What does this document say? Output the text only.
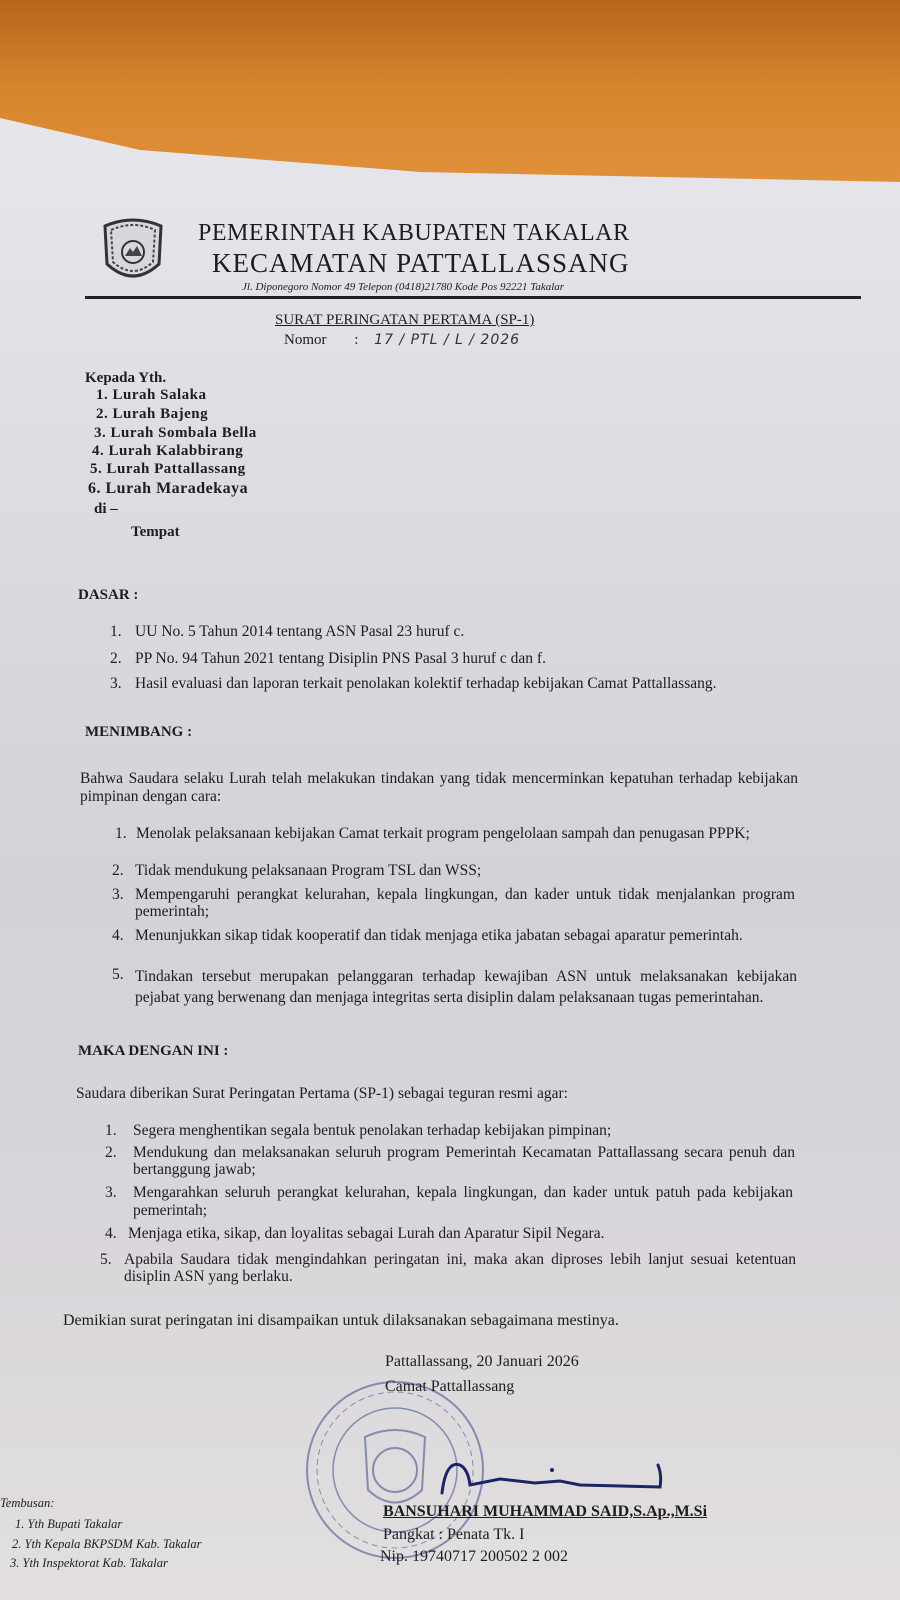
PEMERINTAH KABUPATEN TAKALAR
KECAMATAN PATTALLASSANG
Jl. Diponegoro Nomor 49 Telepon (0418)21780 Kode Pos 92221 Takalar
SURAT PERINGATAN PERTAMA (SP-1)
Nomor : 17 / PTL / L / 2026
Kepada Yth.
1. Lurah Salaka
2. Lurah Bajeng
3. Lurah Sombala Bella
4. Lurah Kalabbirang
5. Lurah Pattallassang
6. Lurah Maradekaya
di –
Tempat
DASAR :
1. UU No. 5 Tahun 2014 tentang ASN Pasal 23 huruf c.
2. PP No. 94 Tahun 2021 tentang Disiplin PNS Pasal 3 huruf c dan f.
3. Hasil evaluasi dan laporan terkait penolakan kolektif terhadap kebijakan Camat Pattallassang.
MENIMBANG :
Bahwa Saudara selaku Lurah telah melakukan tindakan yang tidak mencerminkan kepatuhan terhadap kebijakan pimpinan dengan cara:
1. Menolak pelaksanaan kebijakan Camat terkait program pengelolaan sampah dan penugasan PPPK;
2. Tidak mendukung pelaksanaan Program TSL dan WSS;
3. Mempengaruhi perangkat kelurahan, kepala lingkungan, dan kader untuk tidak menjalankan program pemerintah;
4. Menunjukkan sikap tidak kooperatif dan tidak menjaga etika jabatan sebagai aparatur pemerintah.
5. Tindakan tersebut merupakan pelanggaran terhadap kewajiban ASN untuk melaksanakan kebijakan pejabat yang berwenang dan menjaga integritas serta disiplin dalam pelaksanaan tugas pemerintahan.
MAKA DENGAN INI :
Saudara diberikan Surat Peringatan Pertama (SP-1) sebagai teguran resmi agar:
1. Segera menghentikan segala bentuk penolakan terhadap kebijakan pimpinan;
2. Mendukung dan melaksanakan seluruh program Pemerintah Kecamatan Pattallassang secara penuh dan bertanggung jawab;
3. Mengarahkan seluruh perangkat kelurahan, kepala lingkungan, dan kader untuk patuh pada kebijakan pemerintah;
4. Menjaga etika, sikap, dan loyalitas sebagai Lurah dan Aparatur Sipil Negara.
5. Apabila Saudara tidak mengindahkan peringatan ini, maka akan diproses lebih lanjut sesuai ketentuan disiplin ASN yang berlaku.
Demikian surat peringatan ini disampaikan untuk dilaksanakan sebagaimana mestinya.
Pattallassang, 20 Januari 2026
Camat Pattallassang
BANSUHARI MUHAMMAD SAID,S.Ap.,M.Si
Pangkat : Penata Tk. I
Nip. 19740717 200502 2 002
Tembusan:
1. Yth Bupati Takalar
2. Yth Kepala BKPSDM Kab. Takalar
3. Yth Inspektorat Kab. Takalar
